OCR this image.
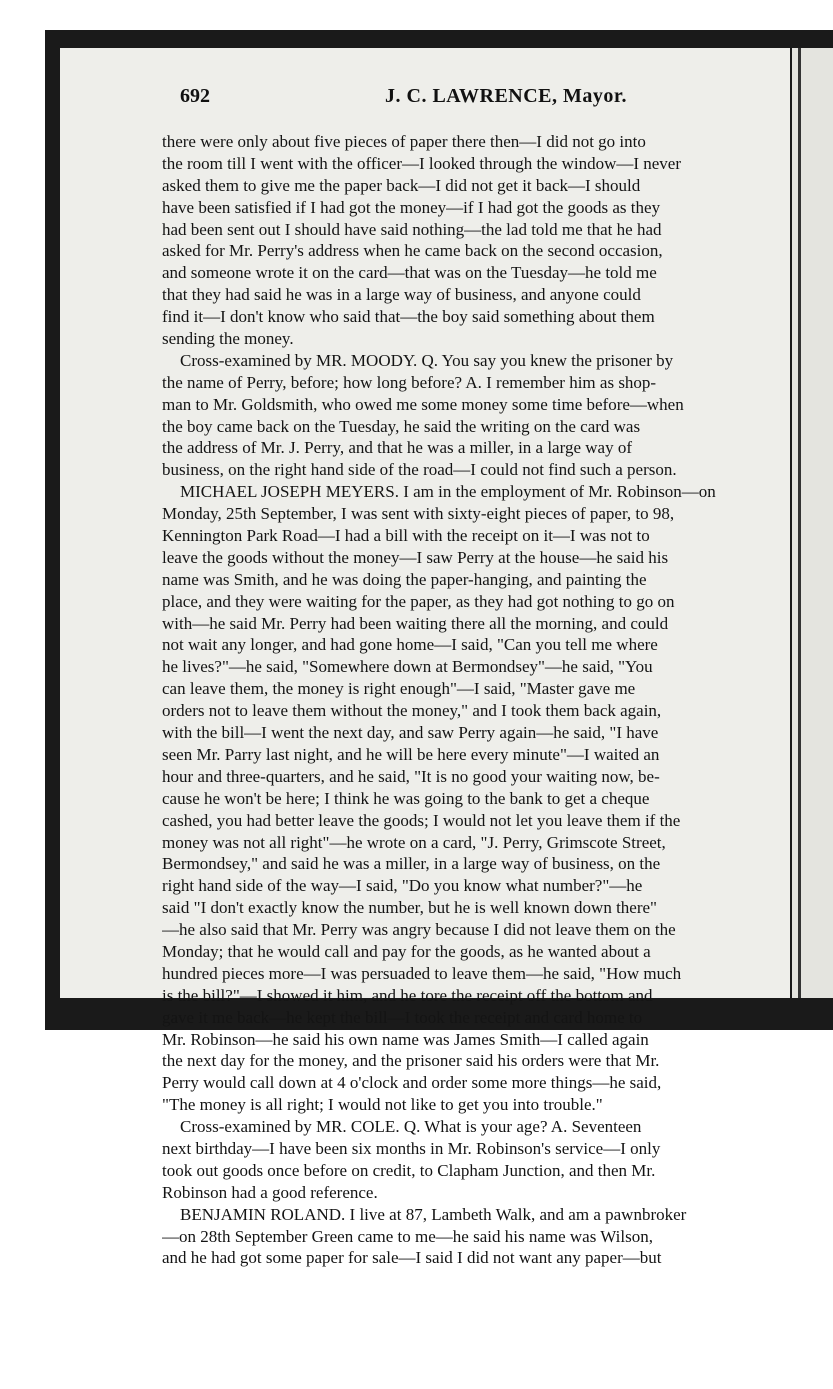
692	J. C. LAWRENCE, Mayor.
there were only about five pieces of paper there then—I did not go into
the room till I went with the officer—I looked through the window—I never
asked them to give me the paper back—I did not get it back—I should
have been satisfied if I had got the money—if I had got the goods as they
had been sent out I should have said nothing—the lad told me that he had
asked for Mr. Perry's address when he came back on the second occasion,
and someone wrote it on the card—that was on the Tuesday—he told me
that they had said he was in a large way of business, and anyone could
find it—I don't know who said that—the boy said something about them
sending the money.
Cross-examined by MR. MOODY. Q. You say you knew the prisoner by
the name of Perry, before; how long before? A. I remember him as shop-
man to Mr. Goldsmith, who owed me some money some time before—when
the boy came back on the Tuesday, he said the writing on the card was
the address of Mr. J. Perry, and that he was a miller, in a large way of
business, on the right hand side of the road—I could not find such a person.
MICHAEL JOSEPH MEYERS. I am in the employment of Mr. Robinson—on
Monday, 25th September, I was sent with sixty-eight pieces of paper, to 98,
Kennington Park Road—I had a bill with the receipt on it—I was not to
leave the goods without the money—I saw Perry at the house—he said his
name was Smith, and he was doing the paper-hanging, and painting the
place, and they were waiting for the paper, as they had got nothing to go on
with—he said Mr. Perry had been waiting there all the morning, and could
not wait any longer, and had gone home—I said, "Can you tell me where
he lives?"—he said, "Somewhere down at Bermondsey"—he said, "You
can leave them, the money is right enough"—I said, "Master gave me
orders not to leave them without the money," and I took them back again,
with the bill—I went the next day, and saw Perry again—he said, "I have
seen Mr. Parry last night, and he will be here every minute"—I waited an
hour and three-quarters, and he said, "It is no good your waiting now, be-
cause he won't be here; I think he was going to the bank to get a cheque
cashed, you had better leave the goods; I would not let you leave them if the
money was not all right"—he wrote on a card, "J. Perry, Grimscote Street,
Bermondsey," and said he was a miller, in a large way of business, on the
right hand side of the way—I said, "Do you know what number?"—he
said "I don't exactly know the number, but he is well known down there"
—he also said that Mr. Perry was angry because I did not leave them on the
Monday; that he would call and pay for the goods, as he wanted about a
hundred pieces more—I was persuaded to leave them—he said, "How much
is the bill?"—I showed it him, and he tore the receipt off the bottom and
gave it me back—he kept the bill—I took the receipt and card home to
Mr. Robinson—he said his own name was James Smith—I called again
the next day for the money, and the prisoner said his orders were that Mr.
Perry would call down at 4 o'clock and order some more things—he said,
"The money is all right; I would not like to get you into trouble."
Cross-examined by MR. COLE. Q. What is your age? A. Seventeen
next birthday—I have been six months in Mr. Robinson's service—I only
took out goods once before on credit, to Clapham Junction, and then Mr.
Robinson had a good reference.
BENJAMIN ROLAND. I live at 87, Lambeth Walk, and am a pawnbroker
—on 28th September Green came to me—he said his name was Wilson,
and he had got some paper for sale—I said I did not want any paper—but
